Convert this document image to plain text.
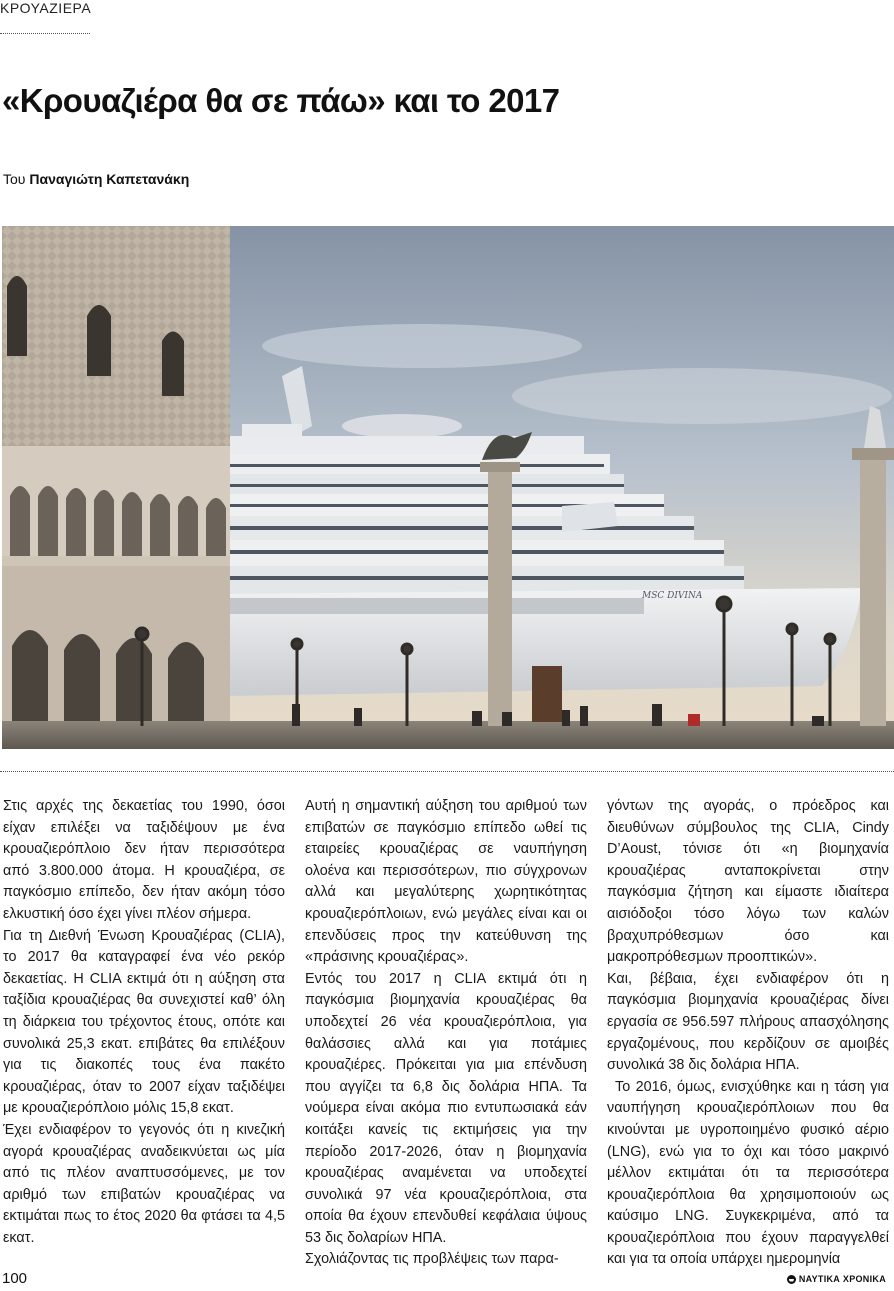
ΚΡΟΥΑΖΙΕΡΑ
«Κρουαζιέρα θα σε πάω» και το 2017
Του Παναγιώτη Καπετανάκη
MSC DIVINA

Στις αρχές της δεκαετίας του 1990, όσοι είχαν επιλέξει να ταξιδέψουν με ένα κρουαζιερόπλοιο δεν ήταν περισσότερα από 3.800.000 άτομα. Η κρουαζιέρα, σε παγκόσμιο επίπεδο, δεν ήταν ακόμη τόσο ελκυστική όσο έχει γίνει πλέον σήμερα.

Για τη Διεθνή Ένωση Κρουαζιέρας (CLIA), το 2017 θα καταγραφεί ένα νέο ρεκόρ δεκαετίας. Η CLIA εκτιμά ότι η αύξηση στα ταξίδια κρουαζιέρας θα συνεχιστεί καθ’ όλη τη διάρκεια του τρέχοντος έτους, οπότε και συνολικά 25,3 εκατ. επιβάτες θα επιλέξουν για τις διακοπές τους ένα πακέτο κρουαζιέρας, όταν το 2007 είχαν ταξιδέψει με κρουαζιερόπλοιο μόλις 15,8 εκατ.

Έχει ενδιαφέρον το γεγονός ότι η κινεζική αγορά κρουαζιέρας αναδεικνύεται ως μία από τις πλέον αναπτυσσόμενες, με τον αριθμό των επιβατών κρουαζιέρας να εκτιμάται πως το έτος 2020 θα φτάσει τα 4,5 εκατ.

Αυτή η σημαντική αύξηση του αριθμού των επιβατών σε παγκόσμιο επίπεδο ωθεί τις εταιρείες κρουαζιέρας σε ναυπήγηση ολοένα και περισσότερων, πιο σύγχρονων αλλά και μεγαλύτερης χωρητικότητας κρουαζιερόπλοιων, ενώ μεγάλες είναι και οι επενδύσεις προς την κατεύθυνση της «πράσινης κρουαζιέρας».

Εντός του 2017 η CLIA εκτιμά ότι η παγκόσμια βιομηχανία κρουαζιέρας θα υποδεχτεί 26 νέα κρουαζιερόπλοια, για θαλάσσιες αλλά και για ποτάμιες κρουαζιέρες. Πρόκειται για μια επένδυση που αγγίζει τα 6,8 δις δολάρια ΗΠΑ. Τα νούμερα είναι ακόμα πιο εντυπωσιακά εάν κοιτάξει κανείς τις εκτιμήσεις για την περίοδο 2017-2026, όταν η βιομηχανία κρουαζιέρας αναμένεται να υποδεχτεί συνολικά 97 νέα κρουαζιερόπλοια, στα οποία θα έχουν επενδυθεί κεφάλαια ύψους 53 δις δολαρίων ΗΠΑ.

Σχολιάζοντας τις προβλέψεις των παρα-

γόντων της αγοράς, ο πρόεδρος και διευθύνων σύμβουλος της CLIA, Cindy D’Aoust, τόνισε ότι «η βιομηχανία κρουαζιέρας ανταποκρίνεται στην παγκόσμια ζήτηση και είμαστε ιδιαίτερα αισιόδοξοι τόσο λόγω των καλών βραχυπρόθεσμων όσο και μακροπρόθεσμων προοπτικών».

Και, βέβαια, έχει ενδιαφέρον ότι η παγκόσμια βιομηχανία κρουαζιέρας δίνει εργασία σε 956.597 πλήρους απασχόλησης εργαζομένους, που κερδίζουν σε αμοιβές συνολικά 38 δις δολάρια ΗΠΑ.

Το 2016, όμως, ενισχύθηκε και η τάση για ναυπήγηση κρουαζιερόπλοιων που θα κινούνται με υγροποιημένο φυσικό αέριο (LNG), ενώ για το όχι και τόσο μακρινό μέλλον εκτιμάται ότι τα περισσότερα κρουαζιερόπλοια θα χρησιμοποιούν ως καύσιμο LNG. Συγκεκριμένα, από τα κρουαζιερόπλοια που έχουν παραγγελθεί και για τα οποία υπάρχει ημερομηνία

100	ΝΑΥΤΙΚΑ ΧΡΟΝΙΚΑ
